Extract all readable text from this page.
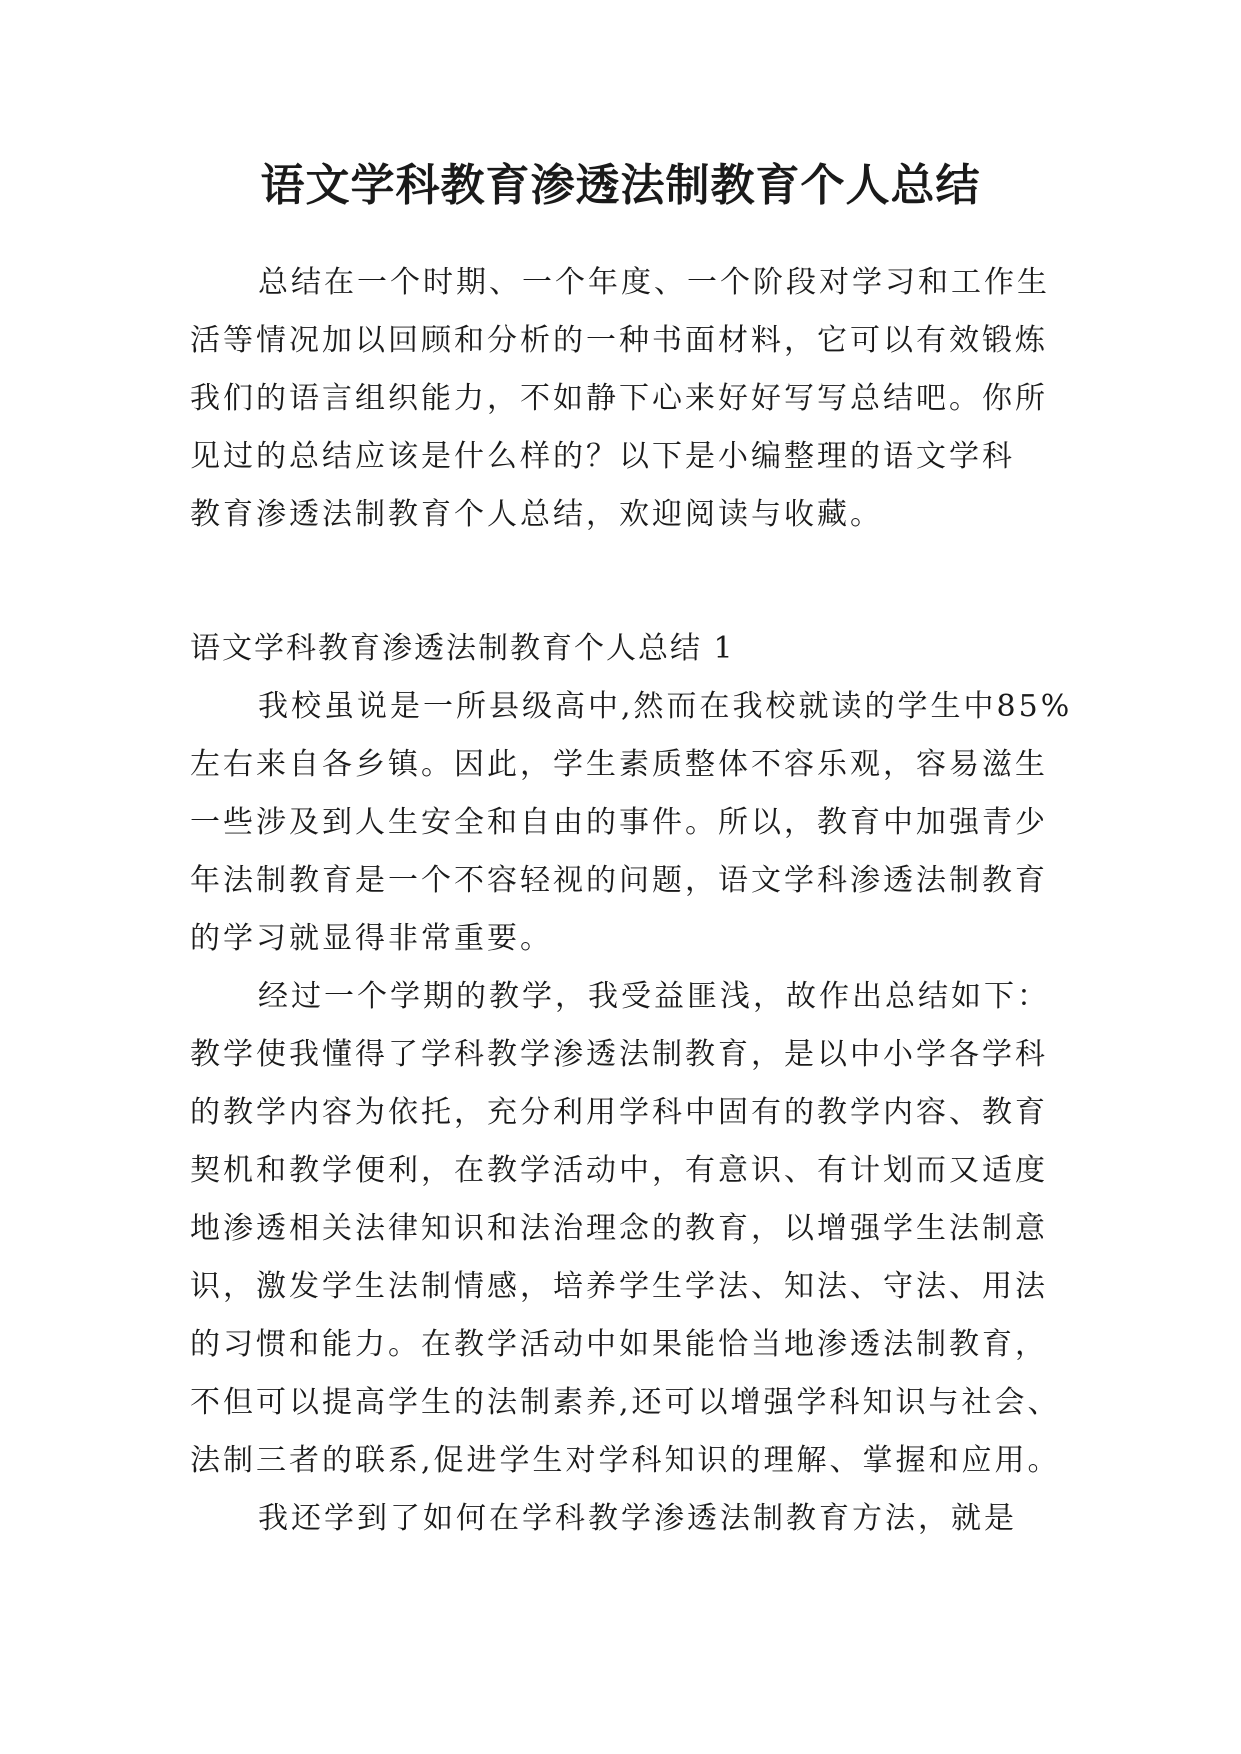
语文学科教育渗透法制教育个人总结
总结在一个时期、一个年度、一个阶段对学习和工作生
活等情况加以回顾和分析的一种书面材料，它可以有效锻炼
我们的语言组织能力，不如静下心来好好写写总结吧。你所
见过的总结应该是什么样的？以下是小编整理的语文学科
教育渗透法制教育个人总结，欢迎阅读与收藏。
语文学科教育渗透法制教育个人总结 1
我校虽说是一所县级高中,然而在我校就读的学生中85%
左右来自各乡镇。因此，学生素质整体不容乐观，容易滋生
一些涉及到人生安全和自由的事件。所以，教育中加强青少
年法制教育是一个不容轻视的问题，语文学科渗透法制教育
的学习就显得非常重要。
经过一个学期的教学，我受益匪浅，故作出总结如下：
教学使我懂得了学科教学渗透法制教育，是以中小学各学科
的教学内容为依托，充分利用学科中固有的教学内容、教育
契机和教学便利，在教学活动中，有意识、有计划而又适度
地渗透相关法律知识和法治理念的教育，以增强学生法制意
识，激发学生法制情感，培养学生学法、知法、守法、用法
的习惯和能力。在教学活动中如果能恰当地渗透法制教育，
不但可以提高学生的法制素养,还可以增强学科知识与社会、
法制三者的联系,促进学生对学科知识的理解、掌握和应用。
我还学到了如何在学科教学渗透法制教育方法，就是
